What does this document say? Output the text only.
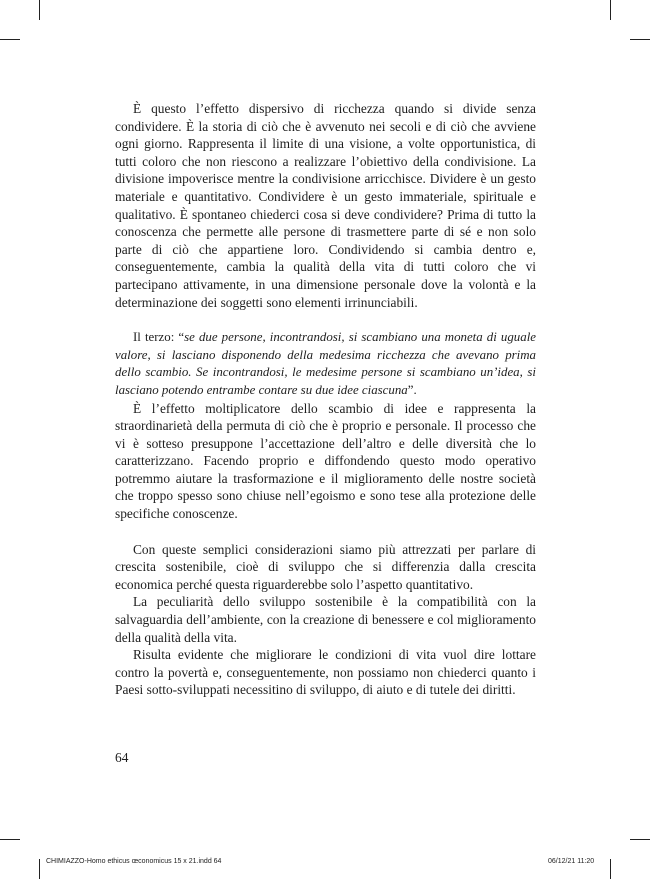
È questo l’effetto dispersivo di ricchezza quando si divide senza condividere. È la storia di ciò che è avvenuto nei secoli e di ciò che avviene ogni giorno. Rappresenta il limite di una visione, a volte opportunistica, di tutti coloro che non riescono a realizzare l’obiettivo della condivisione. La divisione impoverisce mentre la condivisione arricchisce. Dividere è un gesto materiale e quantitativo. Condividere è un gesto immateriale, spirituale e qualitativo. È spontaneo chiederci cosa si deve condividere? Prima di tutto la conoscenza che permette alle persone di trasmettere parte di sé e non solo parte di ciò che appartiene loro. Condividendo si cambia dentro e, conseguentemente, cambia la qualità della vita di tutti coloro che vi partecipano attivamente, in una dimensione personale dove la volontà e la determinazione dei soggetti sono elementi irrinunciabili.

Il terzo: “se due persone, incontrandosi, si scambiano una moneta di uguale valore, si lasciano disponendo della medesima ricchezza che avevano prima dello scambio. Se incontrandosi, le medesime persone si scambiano un’idea, si lasciano potendo entrambe contare su due idee ciascuna”.

È l’effetto moltiplicatore dello scambio di idee e rappresenta la straordinarietà della permuta di ciò che è proprio e personale. Il processo che vi è sotteso presuppone l’accettazione dell’altro e delle diversità che lo caratterizzano. Facendo proprio e diffondendo questo modo operativo potremmo aiutare la trasformazione e il miglioramento delle nostre società che troppo spesso sono chiuse nell’egoismo e sono tese alla protezione delle specifiche conoscenze.

Con queste semplici considerazioni siamo più attrezzati per parlare di crescita sostenibile, cioè di sviluppo che si differenzia dalla crescita economica perché questa riguarderebbe solo l’aspetto quantitativo.

La peculiarità dello sviluppo sostenibile è la compatibilità con la salvaguardia dell’ambiente, con la creazione di benessere e col miglioramento della qualità della vita.

Risulta evidente che migliorare le condizioni di vita vuol dire lottare contro la povertà e, conseguentemente, non possiamo non chiederci quanto i Paesi sotto-sviluppati necessitino di sviluppo, di aiuto e di tutele dei diritti.

64
CHIMIAZZO-Homo ethicus œconomicus 15 x 21.indd 64	06/12/21 11:20
